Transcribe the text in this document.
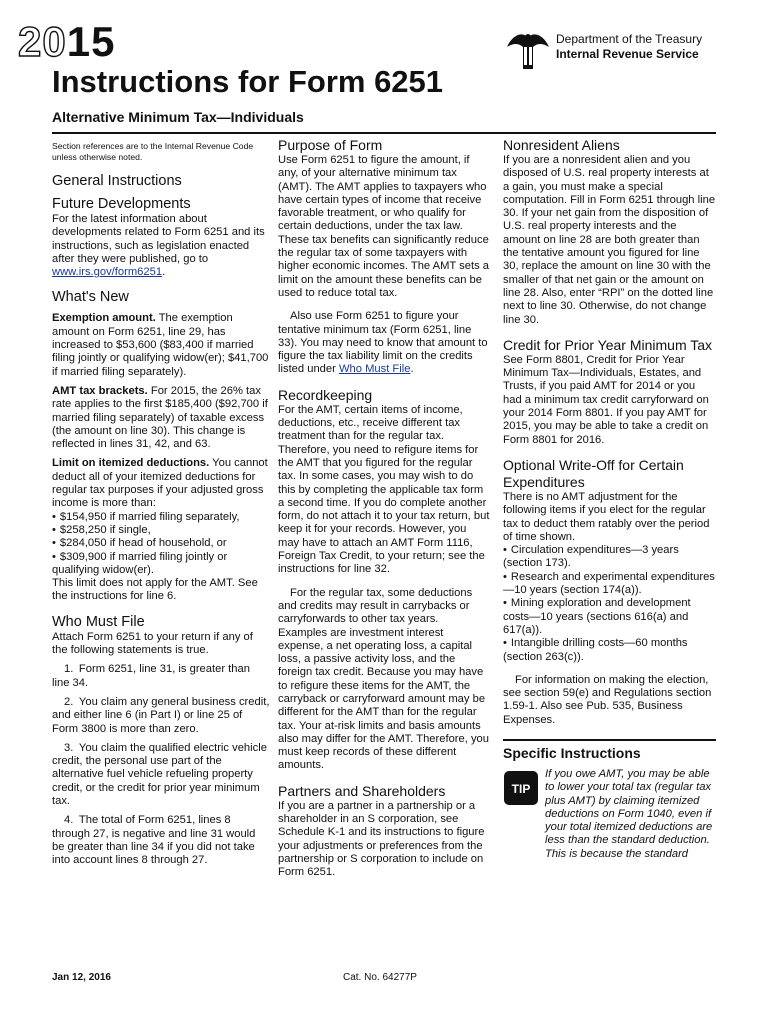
2015
Instructions for Form 6251
Alternative Minimum Tax—Individuals
Department of the Treasury
Internal Revenue Service

Section references are to the Internal Revenue Code unless otherwise noted.

General Instructions
Future Developments

For the latest information about developments related to Form 6251 and its instructions, such as legislation enacted after they were published, go to www.irs.gov/form6251.

What's New

Exemption amount. The exemption amount on Form 6251, line 29, has increased to $53,600 ($83,400 if married filing jointly or qualifying widow(er); $41,700 if married filing separately).

AMT tax brackets. For 2015, the 26% tax rate applies to the first $185,400 ($92,700 if married filing separately) of taxable excess (the amount on line 30). This change is reflected in lines 31, 42, and 63.

Limit on itemized deductions. You cannot deduct all of your itemized deductions for regular tax purposes if your adjusted gross income is more than:

• $154,950 if married filing separately,
• $258,250 if single,
• $284,050 if head of household, or
• $309,900 if married filing jointly or qualifying widow(er).

This limit does not apply for the AMT. See the instructions for line 6.

Who Must File

Attach Form 6251 to your return if any of the following statements is true.

1. Form 6251, line 31, is greater than line 34.

2. You claim any general business credit, and either line 6 (in Part I) or line 25 of Form 3800 is more than zero.

3. You claim the qualified electric vehicle credit, the personal use part of the alternative fuel vehicle refueling property credit, or the credit for prior year minimum tax.

4. The total of Form 6251, lines 8 through 27, is negative and line 31 would be greater than line 34 if you did not take into account lines 8 through 27.

Purpose of Form

Use Form 6251 to figure the amount, if any, of your alternative minimum tax (AMT). The AMT applies to taxpayers who have certain types of income that receive favorable treatment, or who qualify for certain deductions, under the tax law. These tax benefits can significantly reduce the regular tax of some taxpayers with higher economic incomes. The AMT sets a limit on the amount these benefits can be used to reduce total tax.

Also use Form 6251 to figure your tentative minimum tax (Form 6251, line 33). You may need to know that amount to figure the tax liability limit on the credits listed under Who Must File.

Recordkeeping

For the AMT, certain items of income, deductions, etc., receive different tax treatment than for the regular tax. Therefore, you need to refigure items for the AMT that you figured for the regular tax. In some cases, you may wish to do this by completing the applicable tax form a second time. If you do complete another form, do not attach it to your tax return, but keep it for your records. However, you may have to attach an AMT Form 1116, Foreign Tax Credit, to your return; see the instructions for line 32.

For the regular tax, some deductions and credits may result in carrybacks or carryforwards to other tax years. Examples are investment interest expense, a net operating loss, a capital loss, a passive activity loss, and the foreign tax credit. Because you may have to refigure these items for the AMT, the carryback or carryforward amount may be different for the AMT than for the regular tax. Your at-risk limits and basis amounts also may differ for the AMT. Therefore, you must keep records of these different amounts.

Partners and Shareholders

If you are a partner in a partnership or a shareholder in an S corporation, see Schedule K-1 and its instructions to figure your adjustments or preferences from the partnership or S corporation to include on Form 6251.

Nonresident Aliens

If you are a nonresident alien and you disposed of U.S. real property interests at a gain, you must make a special computation. Fill in Form 6251 through line 30. If your net gain from the disposition of U.S. real property interests and the amount on line 28 are both greater than the tentative amount you figured for line 30, replace the amount on line 30 with the smaller of that net gain or the amount on line 28. Also, enter “RPI” on the dotted line next to line 30. Otherwise, do not change line 30.

Credit for Prior Year Minimum Tax

See Form 8801, Credit for Prior Year Minimum Tax—Individuals, Estates, and Trusts, if you paid AMT for 2014 or you had a minimum tax credit carryforward on your 2014 Form 8801. If you pay AMT for 2015, you may be able to take a credit on Form 8801 for 2016.

Optional Write-Off for Certain Expenditures

There is no AMT adjustment for the following items if you elect for the regular tax to deduct them ratably over the period of time shown.

• Circulation expenditures—3 years (section 173).
• Research and experimental expenditures—10 years (section 174(a)).
• Mining exploration and development costs—10 years (sections 616(a) and 617(a)).
• Intangible drilling costs—60 months (section 263(c)).

For information on making the election, see section 59(e) and Regulations section 1.59-1. Also see Pub. 535, Business Expenses.

Specific Instructions
TIP

If you owe AMT, you may be able to lower your total tax (regular tax plus AMT) by claiming itemized deductions on Form 1040, even if your total itemized deductions are less than the standard deduction. This is because the standard

Jan 12, 2016	Cat. No. 64277P
